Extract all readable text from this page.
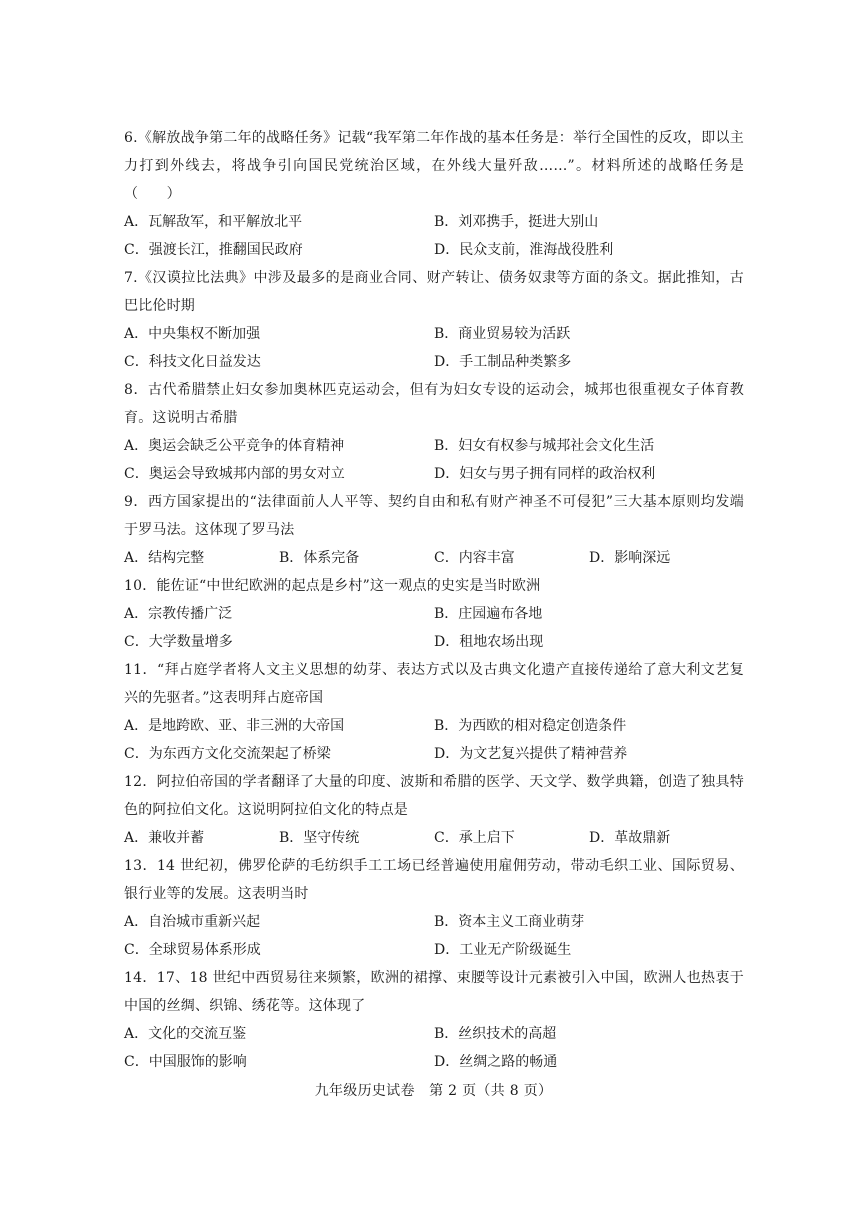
6.《解放战争第二年的战略任务》记载“我军第二年作战的基本任务是：举行全国性的反攻，即以主力打到外线去，将战争引向国民党统治区域，在外线大量歼敌……”。材料所述的战略任务是（　　）

A．瓦解敌军，和平解放北平	B．刘邓携手，挺进大别山
C．强渡长江，推翻国民政府	D．民众支前，淮海战役胜利

7.《汉谟拉比法典》中涉及最多的是商业合同、财产转让、债务奴隶等方面的条文。据此推知，古巴比伦时期

A．中央集权不断加强	B．商业贸易较为活跃
C．科技文化日益发达	D．手工制品种类繁多

8．古代希腊禁止妇女参加奥林匹克运动会，但有为妇女专设的运动会，城邦也很重视女子体育教育。这说明古希腊

A．奥运会缺乏公平竞争的体育精神	B．妇女有权参与城邦社会文化生活
C．奥运会导致城邦内部的男女对立	D．妇女与男子拥有同样的政治权利

9．西方国家提出的“法律面前人人平等、契约自由和私有财产神圣不可侵犯”三大基本原则均发端于罗马法。这体现了罗马法

A．结构完整	B．体系完备	C．内容丰富	D．影响深远

10．能佐证“中世纪欧洲的起点是乡村”这一观点的史实是当时欧洲

A．宗教传播广泛	B．庄园遍布各地
C．大学数量增多	D．租地农场出现

11．“拜占庭学者将人文主义思想的幼芽、表达方式以及古典文化遗产直接传递给了意大利文艺复兴的先驱者。”这表明拜占庭帝国

A．是地跨欧、亚、非三洲的大帝国	B．为西欧的相对稳定创造条件
C．为东西方文化交流架起了桥梁	D．为文艺复兴提供了精神营养

12．阿拉伯帝国的学者翻译了大量的印度、波斯和希腊的医学、天文学、数学典籍，创造了独具特色的阿拉伯文化。这说明阿拉伯文化的特点是

A．兼收并蓄	B．坚守传统	C．承上启下	D．革故鼎新

13．14 世纪初，佛罗伦萨的毛纺织手工工场已经普遍使用雇佣劳动，带动毛织工业、国际贸易、银行业等的发展。这表明当时

A．自治城市重新兴起	B．资本主义工商业萌芽
C．全球贸易体系形成	D．工业无产阶级诞生

14．17、18 世纪中西贸易往来频繁，欧洲的裙撑、束腰等设计元素被引入中国，欧洲人也热衷于中国的丝绸、织锦、绣花等。这体现了

A．文化的交流互鉴	B．丝织技术的高超
C．中国服饰的影响	D．丝绸之路的畅通
九年级历史试卷　第 2 页（共 8 页）
